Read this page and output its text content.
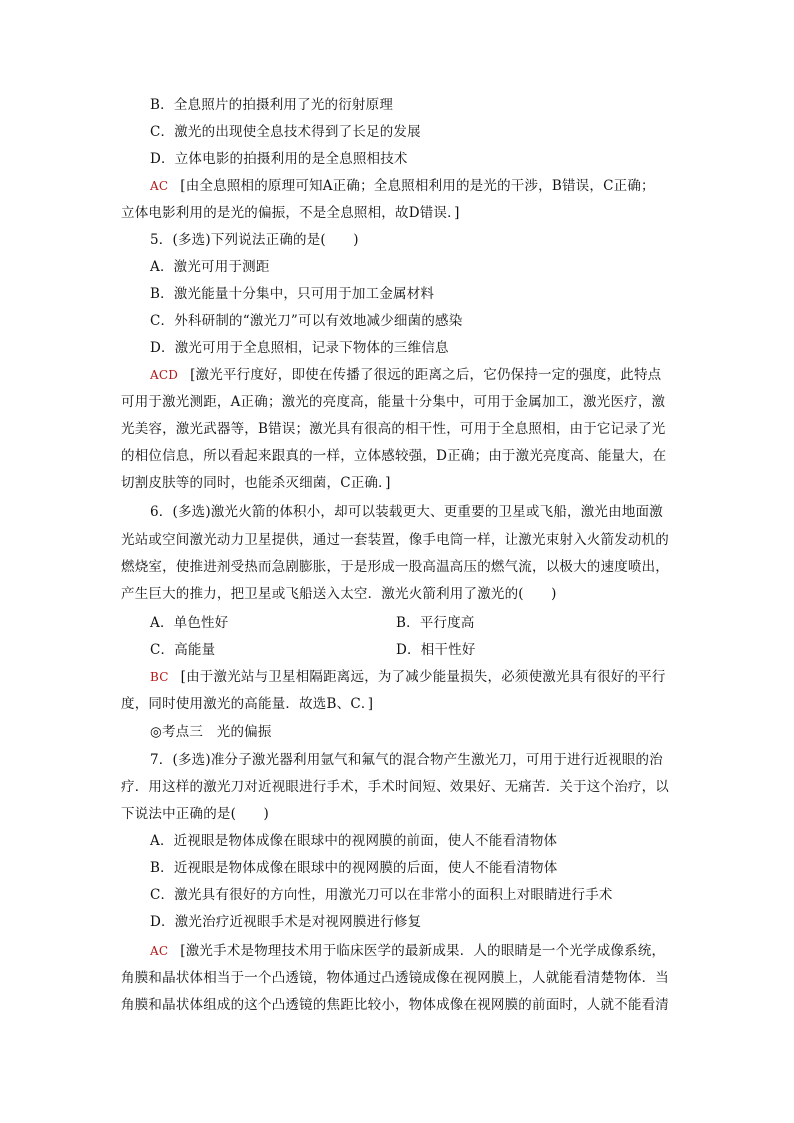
B．全息照片的拍摄利用了光的衍射原理
C．激光的出现使全息技术得到了长足的发展
D．立体电影的拍摄利用的是全息照相技术
AC [由全息照相的原理可知A正确；全息照相利用的是光的干涉，B错误，C正确；
立体电影利用的是光的偏振，不是全息照相，故D错误．]
5．(多选)下列说法正确的是(　　)
A．激光可用于测距
B．激光能量十分集中，只可用于加工金属材料
C．外科研制的“激光刀”可以有效地减少细菌的感染
D．激光可用于全息照相，记录下物体的三维信息
ACD [激光平行度好，即使在传播了很远的距离之后，它仍保持一定的强度，此特点
可用于激光测距，A正确；激光的亮度高，能量十分集中，可用于金属加工，激光医疗，激
光美容，激光武器等，B错误；激光具有很高的相干性，可用于全息照相，由于它记录了光
的相位信息，所以看起来跟真的一样，立体感较强，D正确；由于激光亮度高、能量大，在
切割皮肤等的同时，也能杀灭细菌，C正确．]
6．(多选)激光火箭的体积小，却可以装载更大、更重要的卫星或飞船，激光由地面激
光站或空间激光动力卫星提供，通过一套装置，像手电筒一样，让激光束射入火箭发动机的
燃烧室，使推进剂受热而急剧膨胀，于是形成一股高温高压的燃气流，以极大的速度喷出，
产生巨大的推力，把卫星或飞船送入太空．激光火箭利用了激光的(　　)
A．单色性好	B．平行度高
C．高能量	D．相干性好
BC [由于激光站与卫星相隔距离远，为了减少能量损失，必须使激光具有很好的平行
度，同时使用激光的高能量．故选B、C．]
◎考点三　光的偏振
7．(多选)准分子激光器利用氩气和氟气的混合物产生激光刀，可用于进行近视眼的治
疗．用这样的激光刀对近视眼进行手术，手术时间短、效果好、无痛苦．关于这个治疗，以
下说法中正确的是(　　)
A．近视眼是物体成像在眼球中的视网膜的前面，使人不能看清物体
B．近视眼是物体成像在眼球中的视网膜的后面，使人不能看清物体
C．激光具有很好的方向性，用激光刀可以在非常小的面积上对眼睛进行手术
D．激光治疗近视眼手术是对视网膜进行修复
AC [激光手术是物理技术用于临床医学的最新成果．人的眼睛是一个光学成像系统，
角膜和晶状体相当于一个凸透镜，物体通过凸透镜成像在视网膜上，人就能看清楚物体．当
角膜和晶状体组成的这个凸透镜的焦距比较小，物体成像在视网膜的前面时，人就不能看清
